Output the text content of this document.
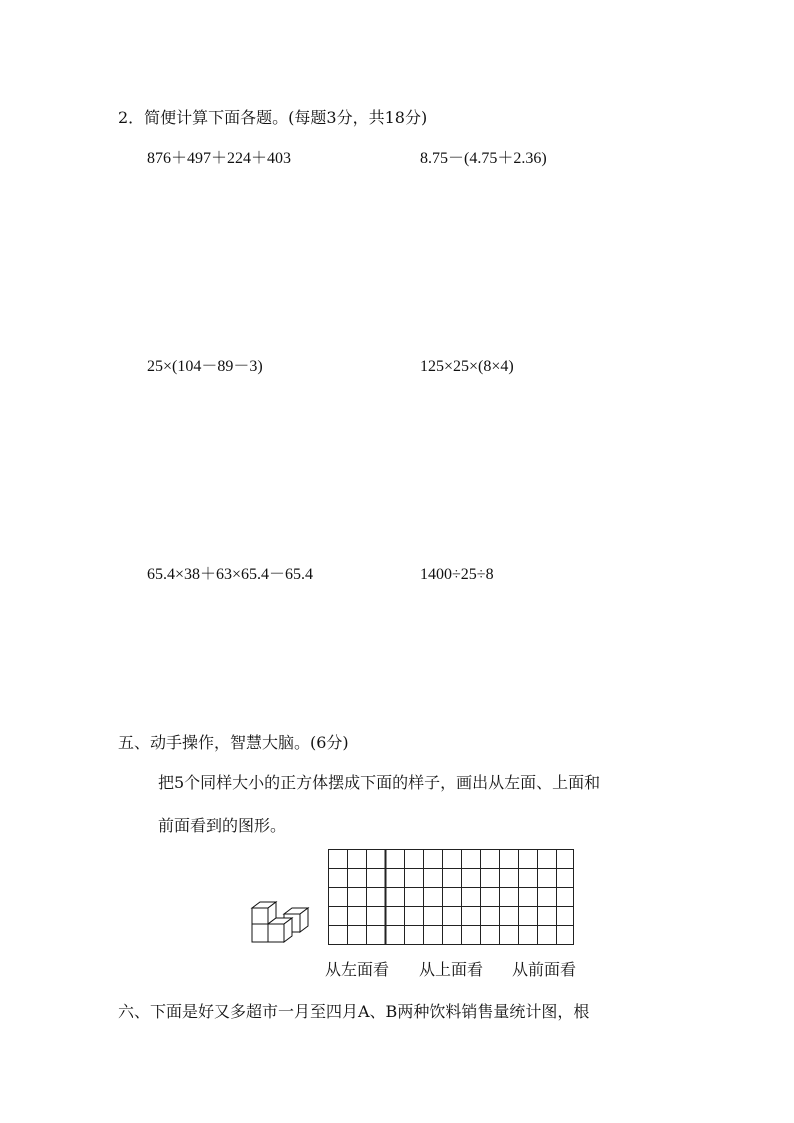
2．简便计算下面各题。(每题3分，共18分)
876＋497＋224＋403	8.75－(4.75＋2.36)
25×(104－89－3)	125×25×(8×4)
65.4×38＋63×65.4－65.4	1400÷25÷8
五、动手操作，智慧大脑。(6分)
把5个同样大小的正方体摆成下面的样子，画出从左面、上面和
前面看到的图形。
从左面看 从上面看 从前面看
六、下面是好又多超市一月至四月A、B两种饮料销售量统计图，根
